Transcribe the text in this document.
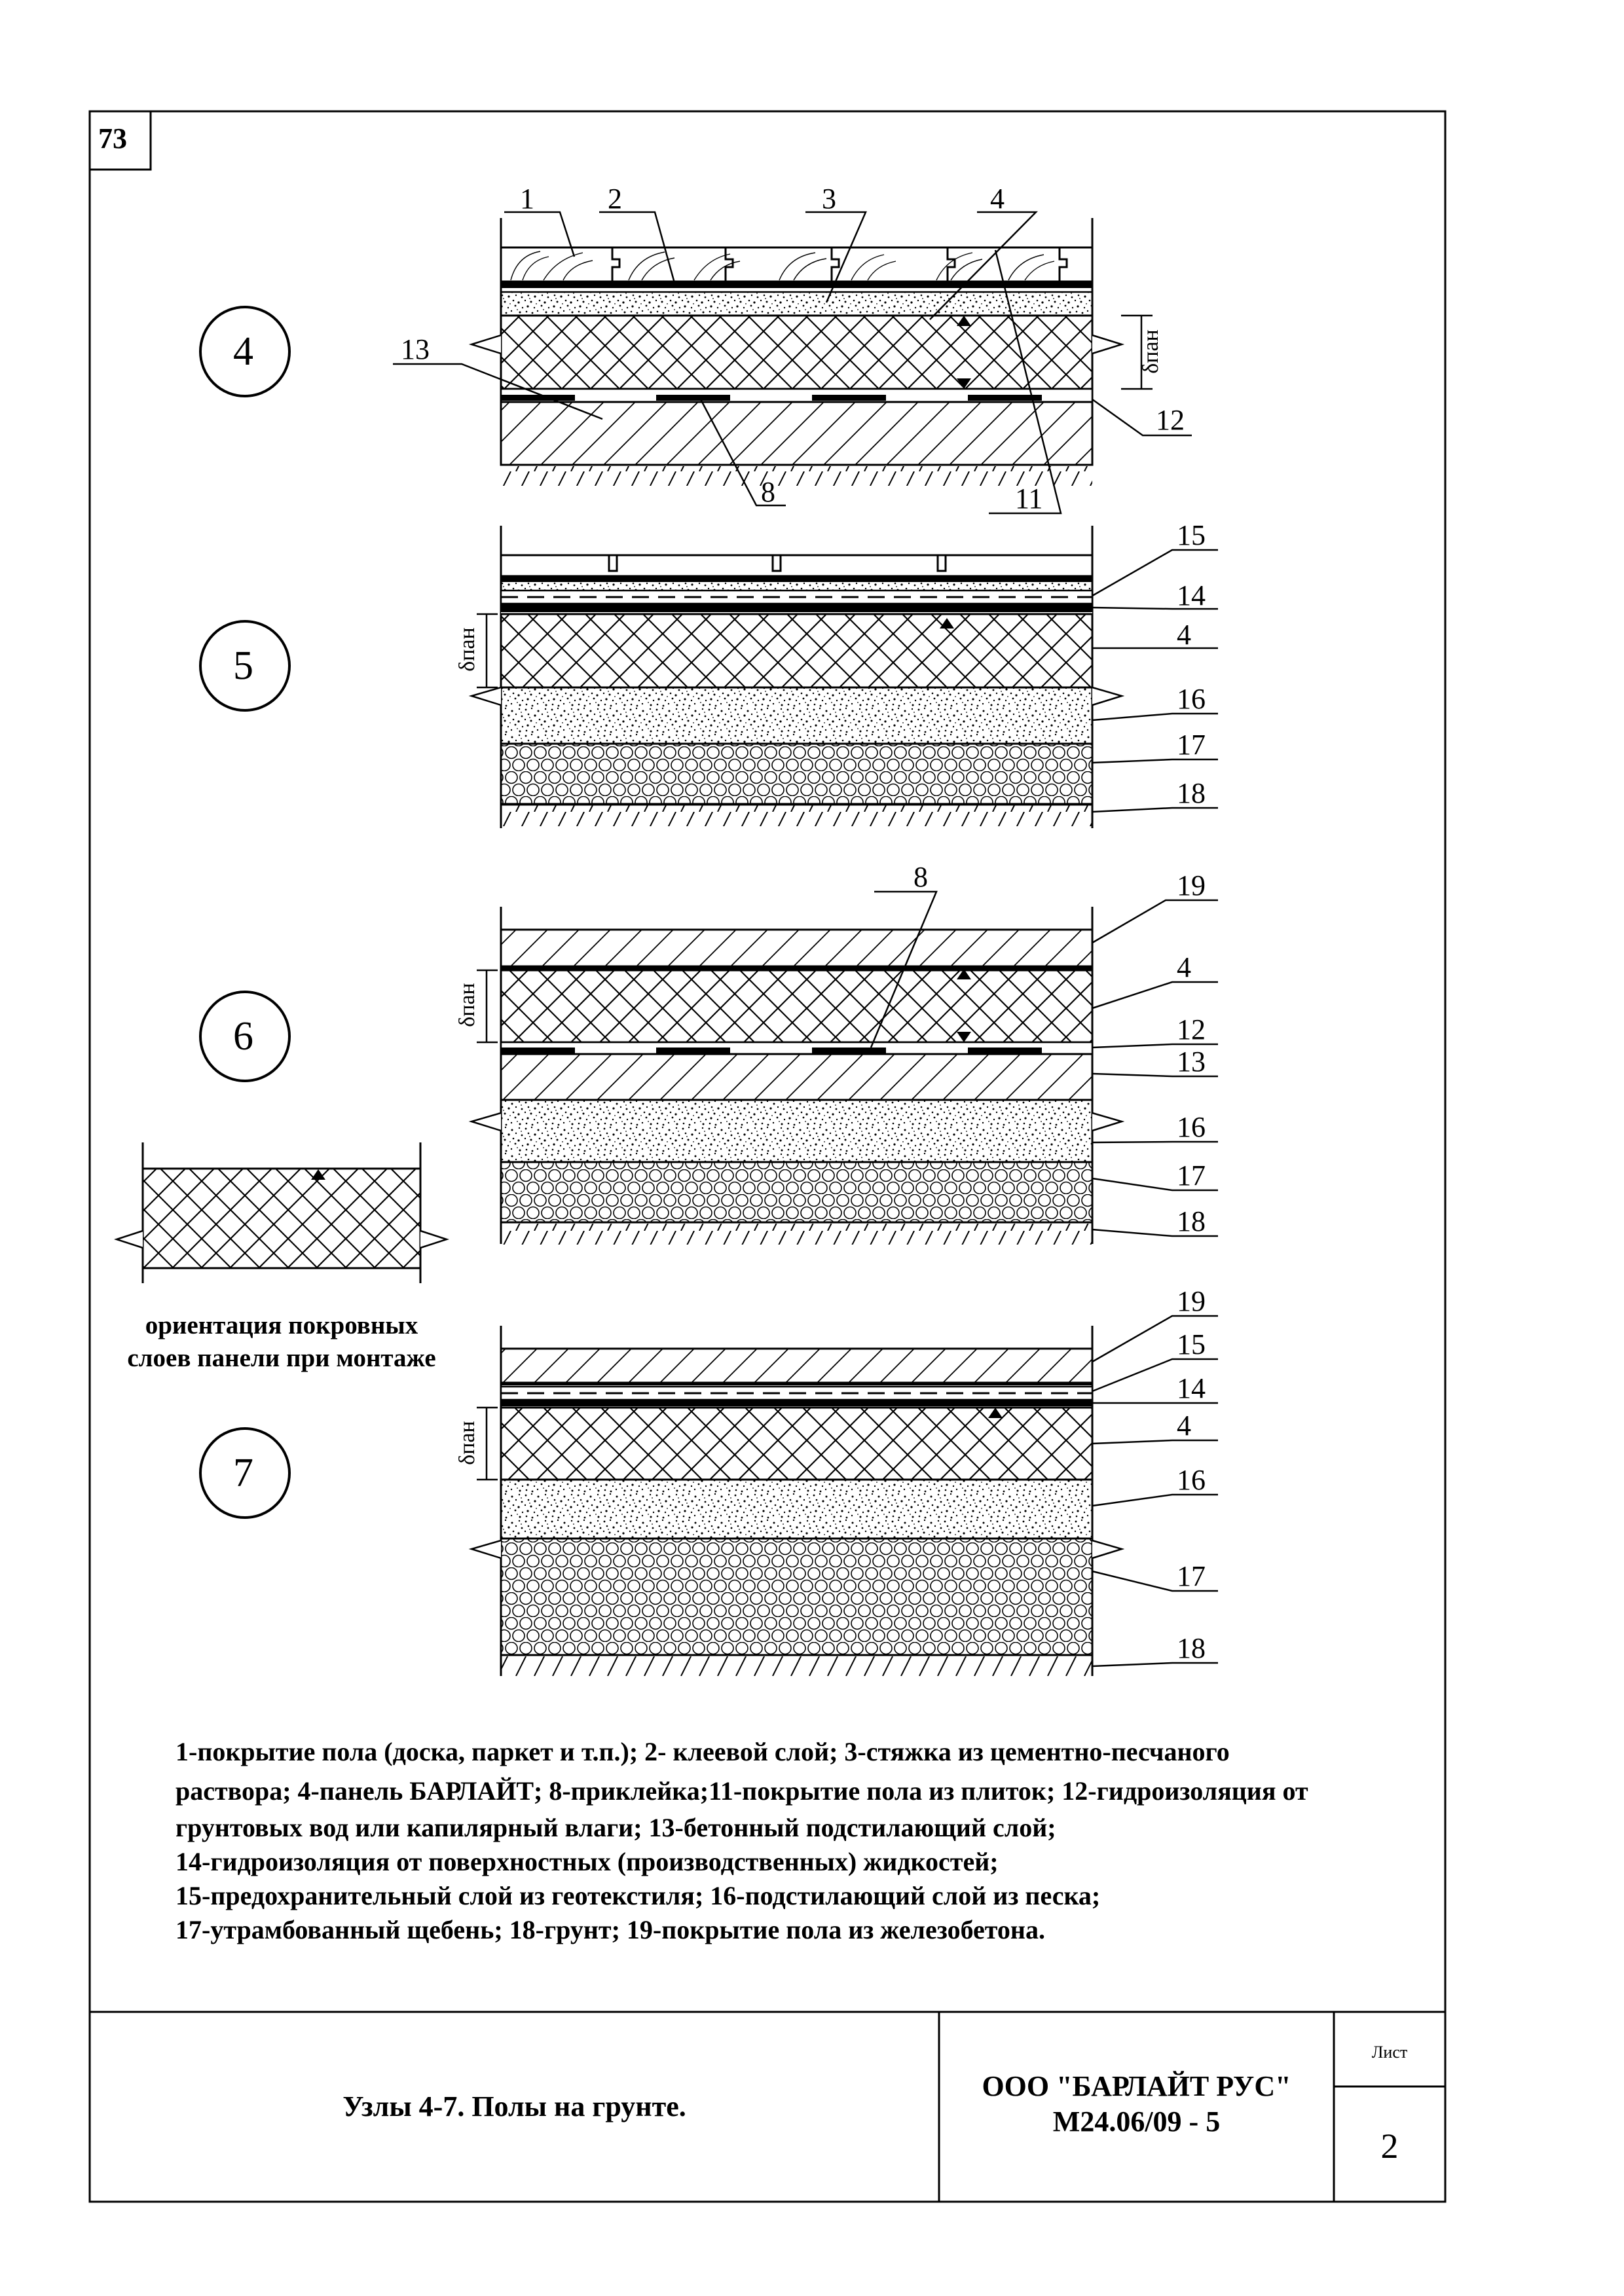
73
4
5
6
7
δпан
δпан
δпан
δпан
1	2	3	4
13
8
12
11
15
14
4
16
17
18
8	19
4
12
13
16
17
18
19
15
14
4
16
17
18
ориентация покровных
слоев панели при монтаже
1-покрытие пола (доска, паркет и т.п.); 2- клеевой слой; 3-стяжка из цементно-песчаного
раствора; 4-панель БАРЛАЙТ; 8-приклейка;11-покрытие пола из плиток; 12-гидроизоляция от
грунтовых вод или капилярный влаги; 13-бетонный подстилающий слой;
14-гидроизоляция от поверхностных (производственных) жидкостей;
15-предохранительный слой из геотекстиля; 16-подстилающий слой из песка;
17-утрамбованный щебень; 18-грунт; 19-покрытие пола из железобетона.
Узлы 4-7. Полы на грунте.
ООО "БАРЛАЙТ РУС"
М24.06/09 - 5
Лист
2
